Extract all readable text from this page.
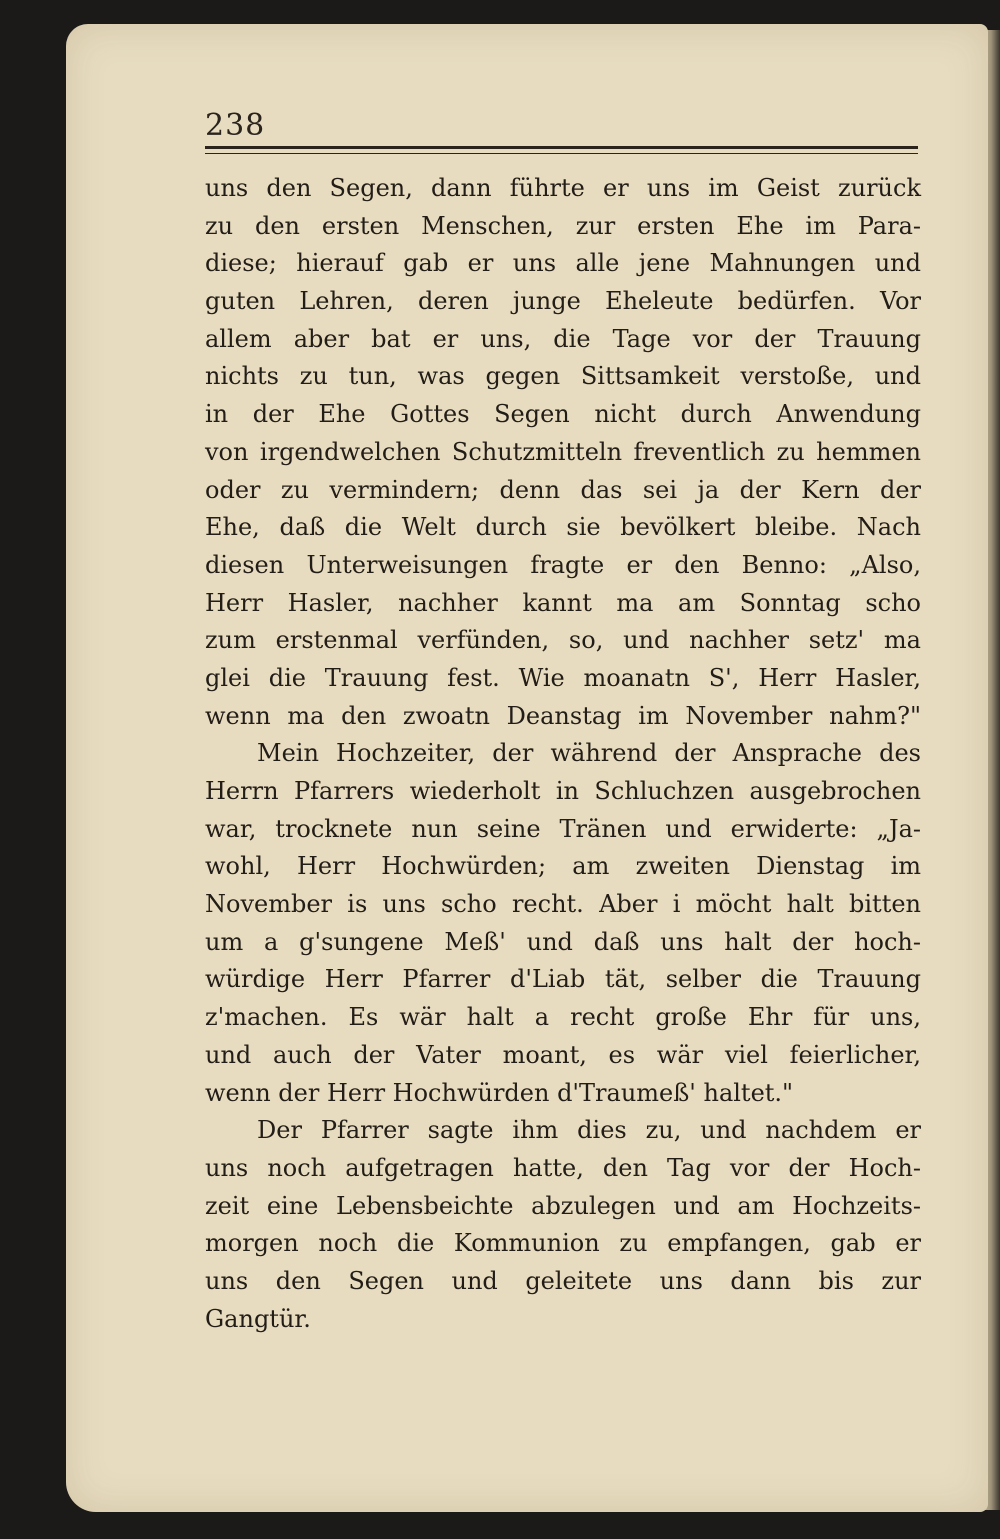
238
uns den Segen, dann führte er uns im Geist zurück
zu den ersten Menschen, zur ersten Ehe im Para-
diese; hierauf gab er uns alle jene Mahnungen und
guten Lehren, deren junge Eheleute bedürfen. Vor
allem aber bat er uns, die Tage vor der Trauung
nichts zu tun, was gegen Sittsamkeit verstoße, und
in der Ehe Gottes Segen nicht durch Anwendung
von irgendwelchen Schutzmitteln freventlich zu hemmen
oder zu vermindern; denn das sei ja der Kern der
Ehe, daß die Welt durch sie bevölkert bleibe. Nach
diesen Unterweisungen fragte er den Benno: „Also,
Herr Hasler, nachher kannt ma am Sonntag scho
zum erstenmal verfünden, so, und nachher setz' ma
glei die Trauung fest. Wie moanatn S', Herr Hasler,
wenn ma den zwoatn Deanstag im November nahm?"
Mein Hochzeiter, der während der Ansprache des
Herrn Pfarrers wiederholt in Schluchzen ausgebrochen
war, trocknete nun seine Tränen und erwiderte: „Ja-
wohl, Herr Hochwürden; am zweiten Dienstag im
November is uns scho recht. Aber i möcht halt bitten
um a g'sungene Meß' und daß uns halt der hoch-
würdige Herr Pfarrer d'Liab tät, selber die Trauung
z'machen. Es wär halt a recht große Ehr für uns,
und auch der Vater moant, es wär viel feierlicher,
wenn der Herr Hochwürden d'Traumeß' haltet."
Der Pfarrer sagte ihm dies zu, und nachdem er
uns noch aufgetragen hatte, den Tag vor der Hoch-
zeit eine Lebensbeichte abzulegen und am Hochzeits-
morgen noch die Kommunion zu empfangen, gab er
uns den Segen und geleitete uns dann bis zur
Gangtür.
